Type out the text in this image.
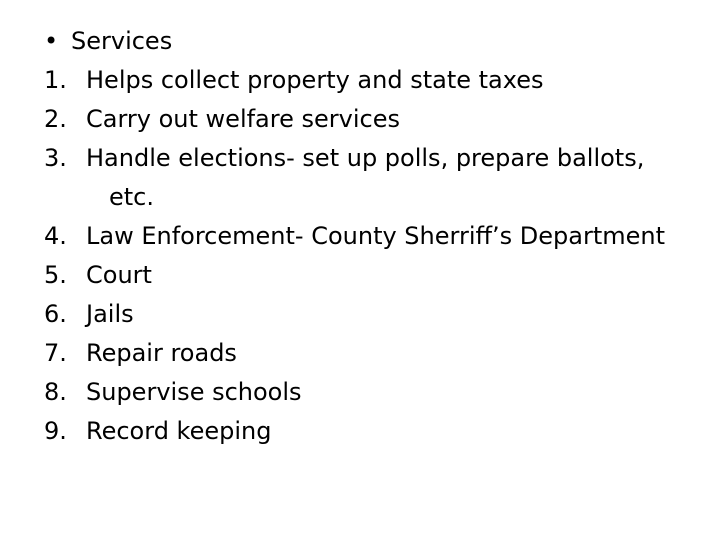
• Services
1. Helps collect property and state taxes
2. Carry out welfare services
3. Handle elections- set up polls, prepare ballots,
etc.
4. Law Enforcement- County Sherriff’s Department
5. Court
6. Jails
7. Repair roads
8. Supervise schools
9. Record keeping
